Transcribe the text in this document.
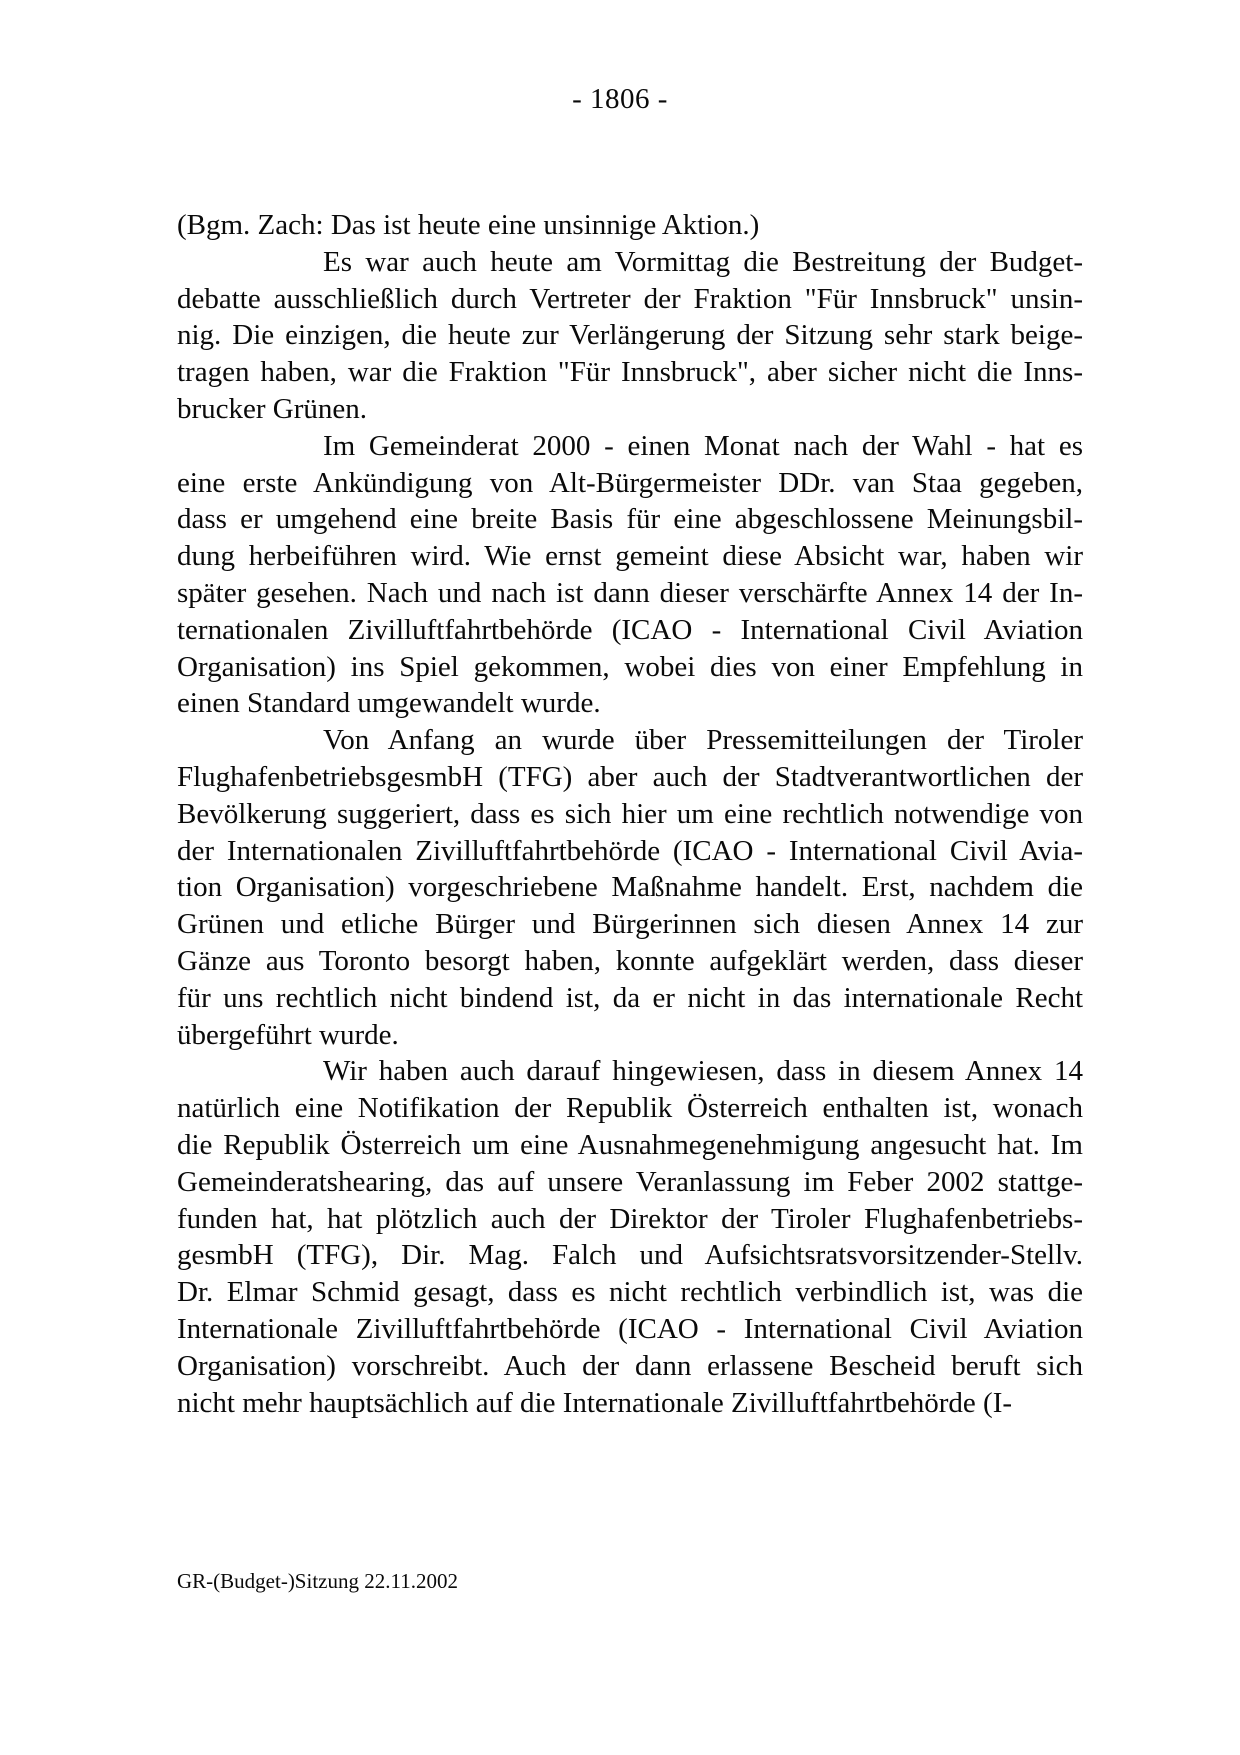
- 1806 -
(Bgm. Zach: Das ist heute eine unsinnige Aktion.)
Es war auch heute am Vormittag die Bestreitung der Budget-
debatte ausschließlich durch Vertreter der Fraktion "Für Innsbruck" unsin-
nig. Die einzigen, die heute zur Verlängerung der Sitzung sehr stark beige-
tragen haben, war die Fraktion "Für Innsbruck", aber sicher nicht die Inns-
brucker Grünen.
Im Gemeinderat 2000 - einen Monat nach der Wahl - hat es
eine erste Ankündigung von Alt-Bürgermeister DDr. van Staa gegeben,
dass er umgehend eine breite Basis für eine abgeschlossene Meinungsbil-
dung herbeiführen wird. Wie ernst gemeint diese Absicht war, haben wir
später gesehen. Nach und nach ist dann dieser verschärfte Annex 14 der In-
ternationalen Zivilluftfahrtbehörde (ICAO - International Civil Aviation
Organisation) ins Spiel gekommen, wobei dies von einer Empfehlung in
einen Standard umgewandelt wurde.
Von Anfang an wurde über Pressemitteilungen der Tiroler
FlughafenbetriebsgesmbH (TFG) aber auch der Stadtverantwortlichen der
Bevölkerung suggeriert, dass es sich hier um eine rechtlich notwendige von
der Internationalen Zivilluftfahrtbehörde (ICAO - International Civil Avia-
tion Organisation) vorgeschriebene Maßnahme handelt. Erst, nachdem die
Grünen und etliche Bürger und Bürgerinnen sich diesen Annex 14 zur
Gänze aus Toronto besorgt haben, konnte aufgeklärt werden, dass dieser
für uns rechtlich nicht bindend ist, da er nicht in das internationale Recht
übergeführt wurde.
Wir haben auch darauf hingewiesen, dass in diesem Annex 14
natürlich eine Notifikation der Republik Österreich enthalten ist, wonach
die Republik Österreich um eine Ausnahmegenehmigung angesucht hat. Im
Gemeinderatshearing, das auf unsere Veranlassung im Feber 2002 stattge-
funden hat, hat plötzlich auch der Direktor der Tiroler Flughafenbetriebs-
gesmbH (TFG), Dir. Mag. Falch und Aufsichtsratsvorsitzender-Stellv.
Dr. Elmar Schmid gesagt, dass es nicht rechtlich verbindlich ist, was die
Internationale Zivilluftfahrtbehörde (ICAO - International Civil Aviation
Organisation) vorschreibt. Auch der dann erlassene Bescheid beruft sich
nicht mehr hauptsächlich auf die Internationale Zivilluftfahrtbehörde (I-
GR-(Budget-)Sitzung 22.11.2002
